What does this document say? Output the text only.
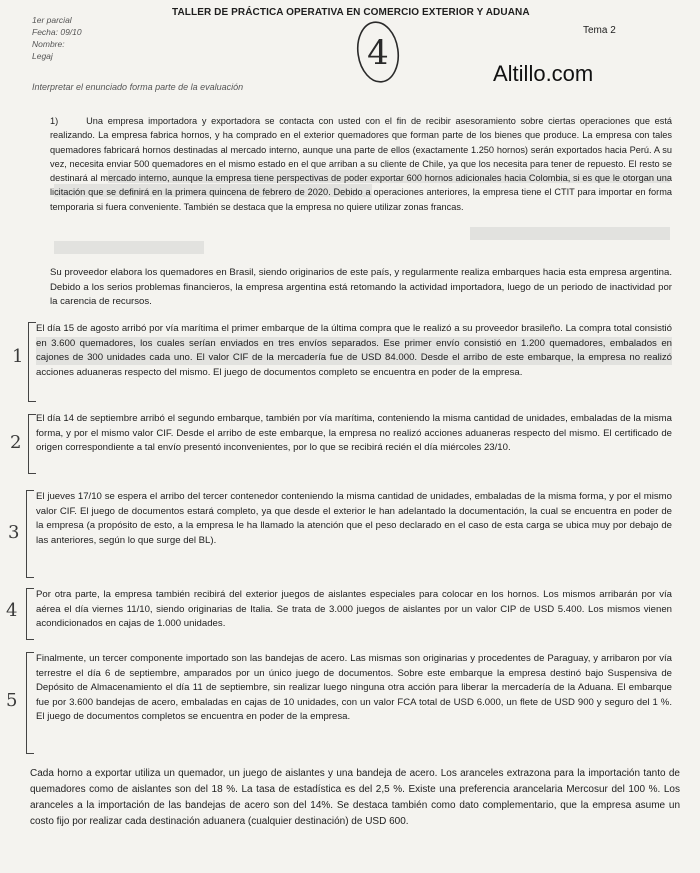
1er parcial
Fecha: 09/10
Nombre:
Legaj
TALLER DE PRÁCTICA OPERATIVA EN COMERCIO EXTERIOR Y ADUANA
Tema 2
4
Altillo.com
Interpretar el enunciado forma parte de la evaluación
1)	Una empresa importadora y exportadora se contacta con usted con el fin de recibir asesoramiento sobre ciertas operaciones que está realizando. La empresa fabrica hornos, y ha comprado en el exterior quemadores que forman parte de los bienes que produce. La empresa con tales quemadores fabricará hornos destinadas al mercado interno, aunque una parte de ellos (exactamente 1.250 hornos) serán exportados hacia Perú. A su vez, necesita enviar 500 quemadores en el mismo estado en el que arriban a su cliente de Chile, ya que los necesita para tener de repuesto. El resto se destinará al mercado interno, aunque la empresa tiene perspectivas de poder exportar 600 hornos adicionales hacia Colombia, si es que le otorgan una licitación que se definirá en la primera quincena de febrero de 2020. Debido a operaciones anteriores, la empresa tiene el CTIT para importar en forma temporaria si fuera conveniente. También se destaca que la empresa no quiere utilizar zonas francas.
Su proveedor elabora los quemadores en Brasil, siendo originarios de este país, y regularmente realiza embarques hacia esta empresa argentina. Debido a los serios problemas financieros, la empresa argentina está retomando la actividad importadora, luego de un periodo de inactividad por la carencia de recursos.
1
El día 15 de agosto arribó por vía marítima el primer embarque de la última compra que le realizó a su proveedor brasileño. La compra total consistió en 3.600 quemadores, los cuales serían enviados en tres envíos separados. Ese primer envío consistió en 1.200 quemadores, embalados en cajones de 300 unidades cada uno. El valor CIF de la mercadería fue de USD 84.000. Desde el arribo de este embarque, la empresa no realizó acciones aduaneras respecto del mismo. El juego de documentos completo se encuentra en poder de la empresa.
2
El día 14 de septiembre arribó el segundo embarque, también por vía marítima, conteniendo la misma cantidad de unidades, embaladas de la misma forma, y por el mismo valor CIF. Desde el arribo de este embarque, la empresa no realizó acciones aduaneras respecto del mismo. El certificado de origen correspondiente a tal envío presentó inconvenientes, por lo que se recibirá recién el día miércoles 23/10.
3
El jueves 17/10 se espera el arribo del tercer contenedor conteniendo la misma cantidad de unidades, embaladas de la misma forma, y por el mismo valor CIF. El juego de documentos estará completo, ya que desde el exterior le han adelantado la documentación, la cual se encuentra en poder de la empresa (a propósito de esto, a la empresa le ha llamado la atención que el peso declarado en el caso de esta carga se ubica muy por debajo de las anteriores, según lo que surge del BL).
4
Por otra parte, la empresa también recibirá del exterior juegos de aislantes especiales para colocar en los hornos. Los mismos arribarán por vía aérea el día viernes 11/10, siendo originarias de Italia. Se trata de 3.000 juegos de aislantes por un valor CIP de USD 5.400. Los mismos vienen acondicionados en cajas de 1.000 unidades.
5
Finalmente, un tercer componente importado son las bandejas de acero. Las mismas son originarias y procedentes de Paraguay, y arribaron por vía terrestre el día 6 de septiembre, amparados por un único juego de documentos. Sobre este embarque la empresa destinó bajo Suspensiva de Depósito de Almacenamiento el día 11 de septiembre, sin realizar luego ninguna otra acción para liberar la mercadería de la Aduana. El embarque fue por 3.600 bandejas de acero, embaladas en cajas de 10 unidades, con un valor FCA total de USD 6.000, un flete de USD 900 y seguro del 1 %. El juego de documentos completos se encuentra en poder de la empresa.
Cada horno a exportar utiliza un quemador, un juego de aislantes y una bandeja de acero. Los aranceles extrazona para la importación tanto de quemadores como de aislantes son del 18 %. La tasa de estadística es del 2,5 %. Existe una preferencia arancelaria Mercosur del 100 %. Los aranceles a la importación de las bandejas de acero son del 14%. Se destaca también como dato complementario, que la empresa asume un costo fijo por realizar cada destinación aduanera (cualquier destinación) de USD 600.
